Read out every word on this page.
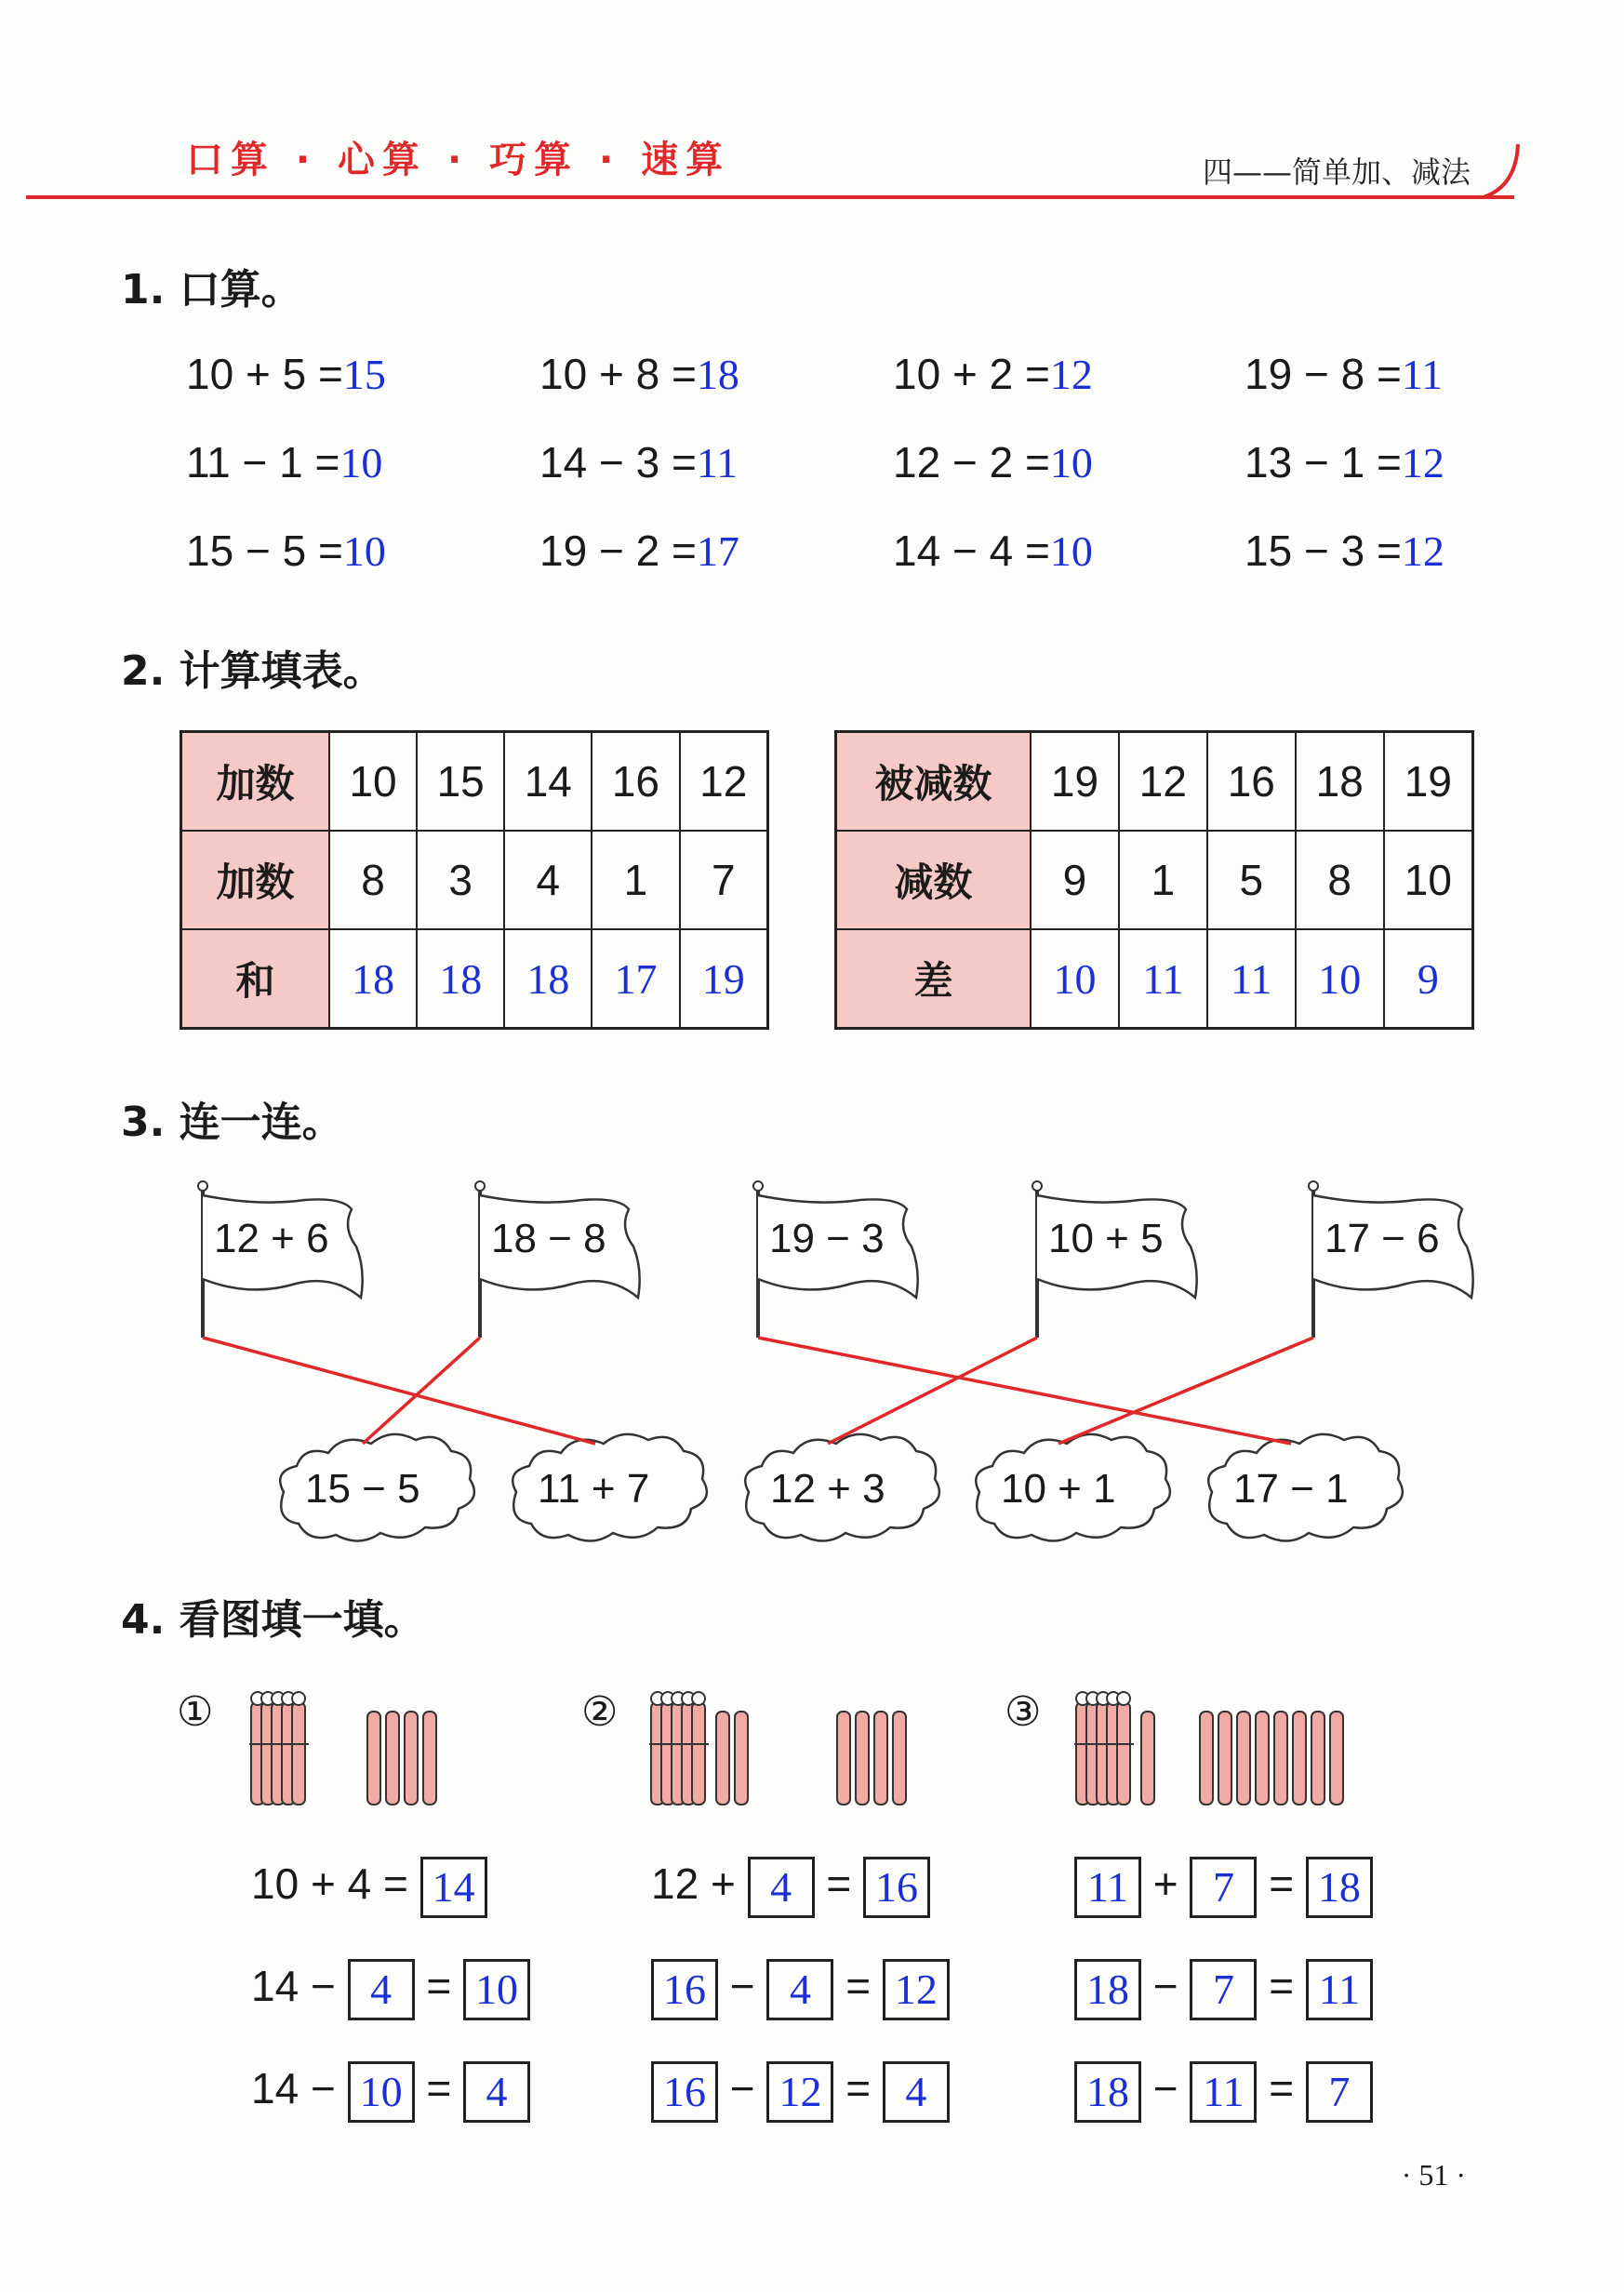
口算 · 心算 · 巧算 · 速算	四——简单加、减法
1. 口算。
10 + 5 =15	10 + 8 =18	10 + 2 =12	19 − 8 =11
11 − 1 =10	14 − 3 =11	12 − 2 =10	13 − 1 =12
15 − 5 =10	19 − 2 =17	14 − 4 =10	15 − 3 =12
2. 计算填表。
加数	10	15	14	16	12
加数	8	3	4	1	7
和	18	18	18	17	19
被减数	19	12	16	18	19
减数	9	1	5	8	10
差	10	11	11	10	9
3. 连一连。
12 + 6	18 − 8	19 − 3	10 + 5	17 − 6
15 − 5	11 + 7	12 + 3	10 + 1	17 − 1
4. 看图填一填。
①
10 + 4 = 14
14 − 4 = 10
14 − 10 = 4
②
12 + 4 = 16
16 − 4 = 12
16 − 12 = 4
③
11 + 7 = 18
18 − 7 = 11
18 − 11 = 7
· 51 ·
